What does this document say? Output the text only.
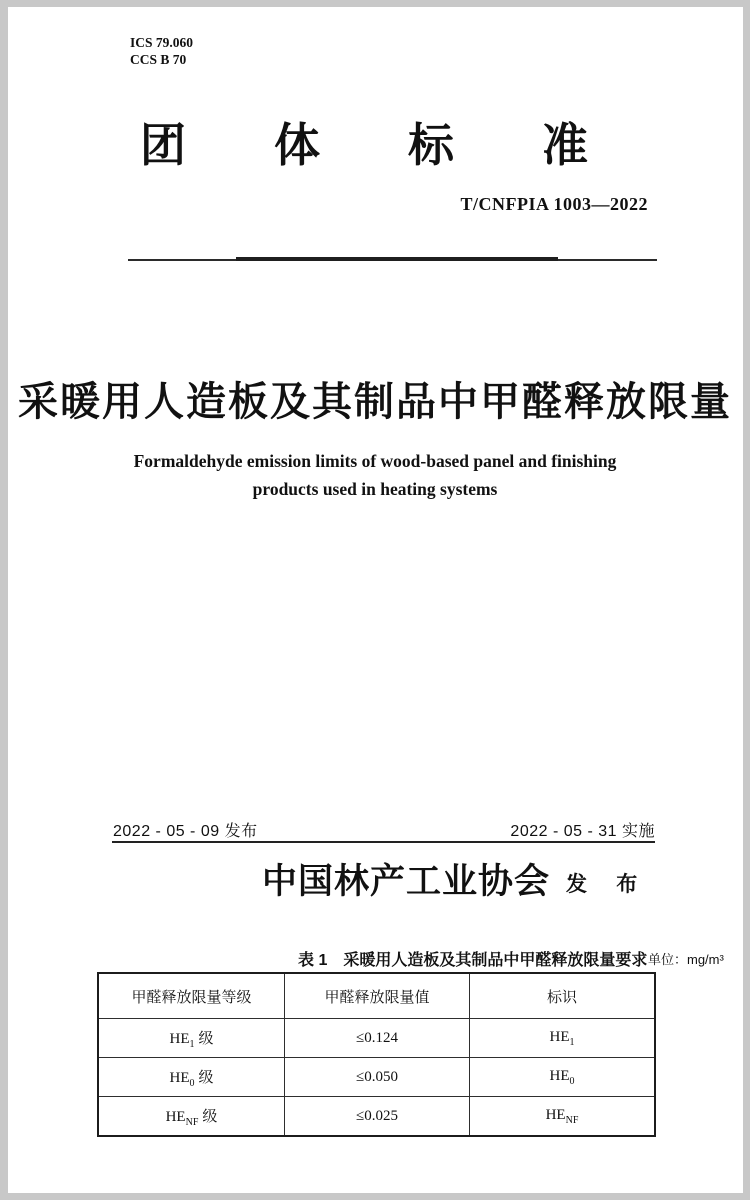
ICS 79.060
CCS B 70
团 体 标 准
T/CNFPIA 1003—2022
采暖用人造板及其制品中甲醛释放限量
Formaldehyde emission limits of wood-based panel and finishing
products used in heating systems
2022 - 05 - 09 发布	2022 - 05 - 31 实施
中国林产工业协会 发 布
表 1　采暖用人造板及其制品中甲醛释放限量要求 单位：mg/m³
甲醛释放限量等级	甲醛释放限量值	标识
$HE_1$ 级	≤0.124	$HE_1$
$HE_0$ 级	≤0.050	$HE_0$
$HE_{NF}$ 级	≤0.025	$HE_{NF}$
